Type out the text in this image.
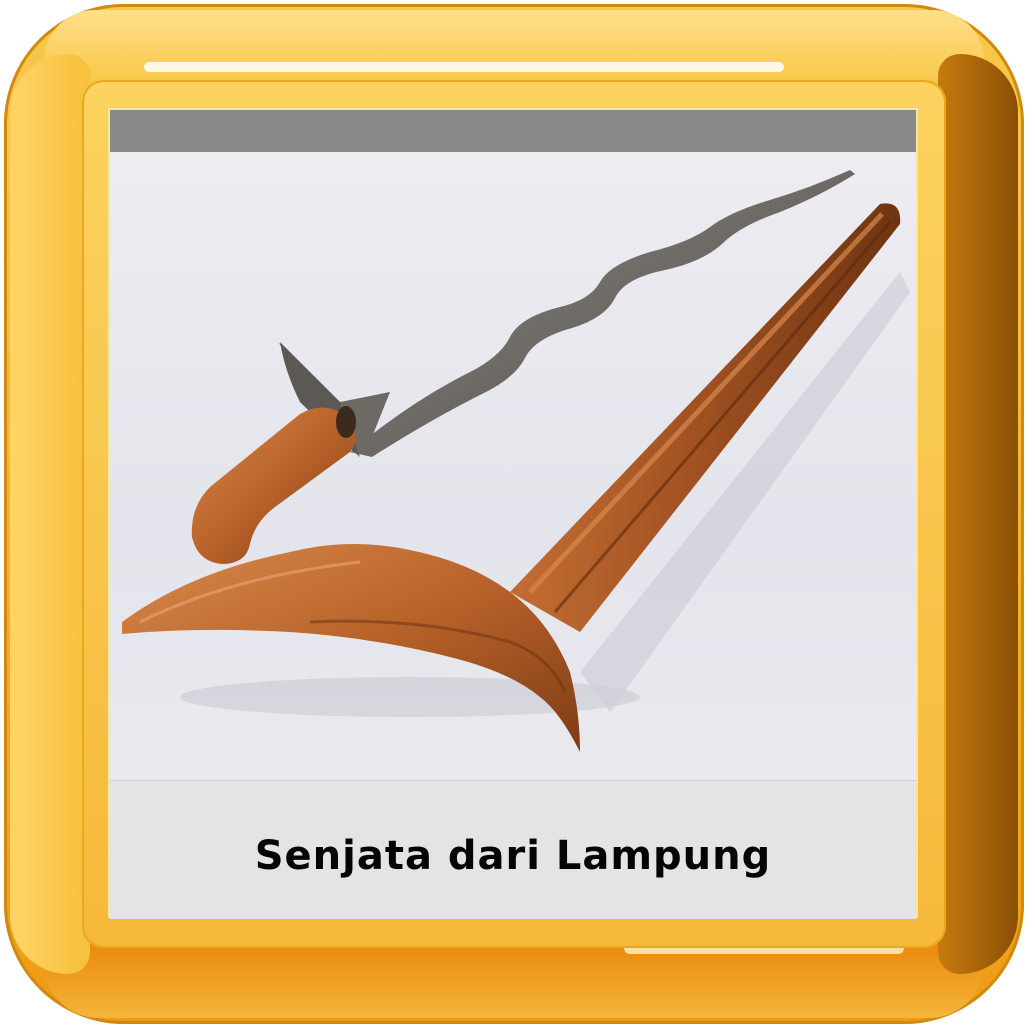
Senjata dari Lampung
